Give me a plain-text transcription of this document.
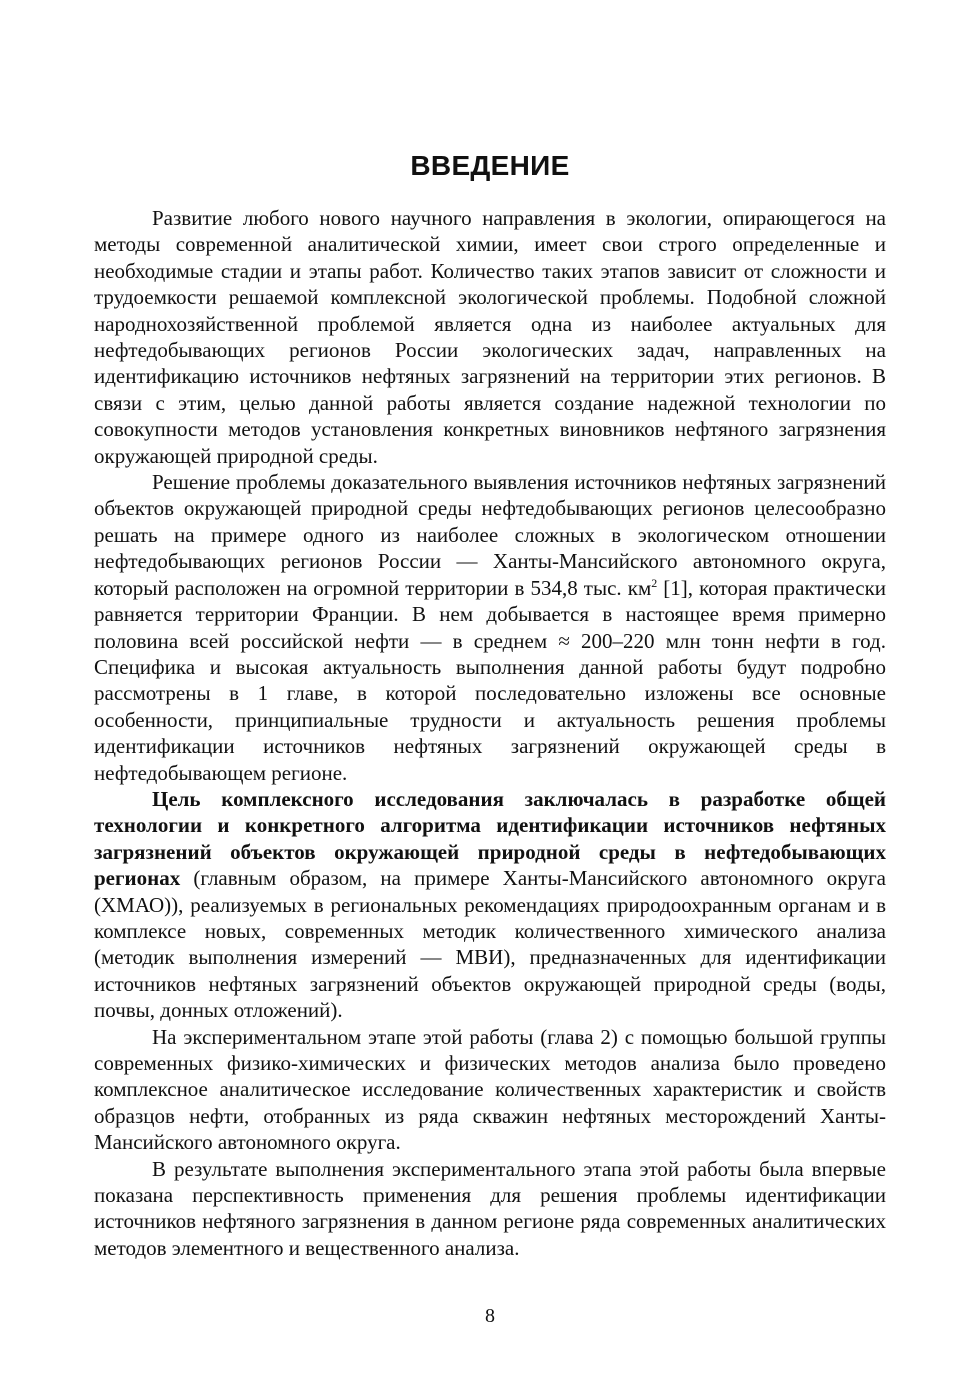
ВВЕДЕНИЕ

Развитие любого нового научного направления в экологии, опирающегося на методы современной аналитической химии, имеет свои строго определенные и необходимые стадии и этапы работ. Количество таких этапов зависит от сложности и трудоемкости решаемой комплексной экологической проблемы. Подобной сложной народнохозяйственной проблемой является одна из наиболее актуальных для нефтедобывающих регионов России экологических задач, направленных на идентификацию источников нефтяных загрязнений на территории этих регионов. В связи с этим, целью данной работы является создание надежной технологии по совокупности методов установления конкретных виновников нефтяного загрязнения окружающей природной среды.

Решение проблемы доказательного выявления источников нефтяных загрязнений объектов окружающей природной среды нефтедобывающих регионов целесообразно решать на примере одного из наиболее сложных в экологическом отношении нефтедобывающих регионов России — Ханты-Мансийского автономного округа, который расположен на огромной территории в 534,8 тыс. $км^2$ [1], которая практически равняется территории Франции. В нем добывается в настоящее время примерно половина всей российской нефти — в среднем ≈ 200–220 млн тонн нефти в год. Специфика и высокая актуальность выполнения данной работы будут подробно рассмотрены в 1 главе, в которой последовательно изложены все основные особенности, принципиальные трудности и актуальность решения проблемы идентификации источников нефтяных загрязнений окружающей среды в нефтедобывающем регионе.

Цель комплексного исследования заключалась в разработке общей технологии и конкретного алгоритма идентификации источников нефтяных загрязнений объектов окружающей природной среды в нефтедобывающих регионах (главным образом, на примере Ханты-Мансийского автономного округа (ХМАО)), реализуемых в региональных рекомендациях природоохранным органам и в комплексе новых, современных методик количественного химического анализа (методик выполнения измерений — МВИ), предназначенных для идентификации источников нефтяных загрязнений объектов окружающей природной среды (воды, почвы, донных отложений).

На экспериментальном этапе этой работы (глава 2) с помощью большой группы современных физико-химических и физических методов анализа было проведено комплексное аналитическое исследование количественных характеристик и свойств образцов нефти, отобранных из ряда скважин нефтяных месторождений Ханты-Мансийского автономного округа.

В результате выполнения экспериментального этапа этой работы была впервые показана перспективность применения для решения проблемы идентификации источников нефтяного загрязнения в данном регионе ряда современных аналитических методов элементного и вещественного анализа.

8
